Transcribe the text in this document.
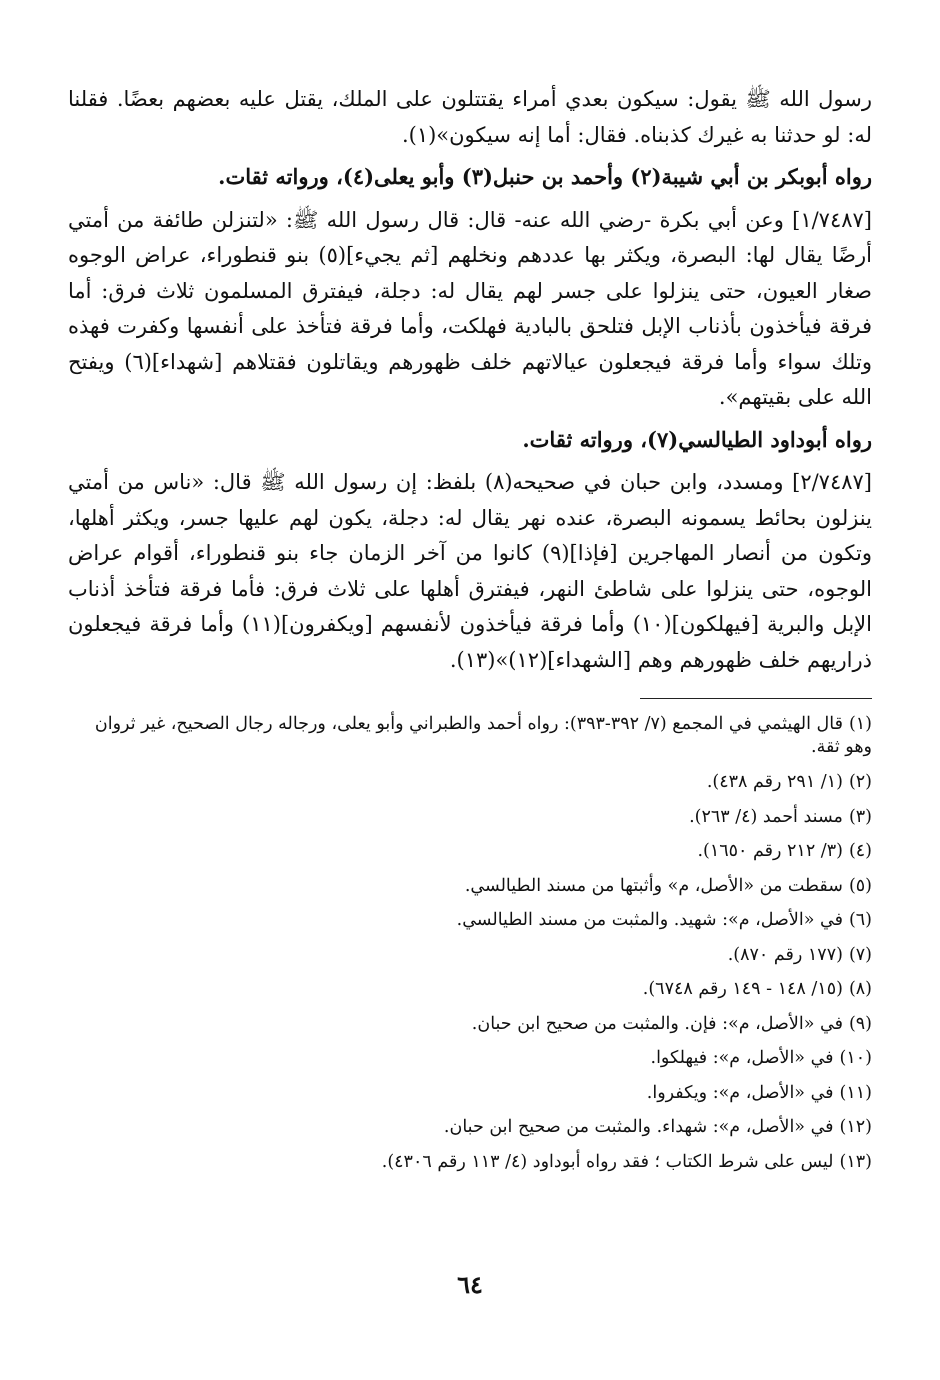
رسول الله ﷺ يقول: سيكون بعدي أمراء يقتتلون على الملك، يقتل عليه بعضهم بعضًا. فقلنا له: لو حدثنا به غيرك كذبناه. فقال: أما إنه سيكون»(١).

رواه أبوبكر بن أبي شيبة(٢) وأحمد بن حنبل(٣) وأبو يعلى(٤)، ورواته ثقات.

[١/٧٤٨٧] وعن أبي بكرة -رضي الله عنه- قال: قال رسول الله ﷺ: «لتنزلن طائفة من أمتي أرضًا يقال لها: البصرة، ويكثر بها عددهم ونخلهم [ثم يجيء](٥) بنو قنطوراء، عراض الوجوه صغار العيون، حتى ينزلوا على جسر لهم يقال له: دجلة، فيفترق المسلمون ثلاث فرق: أما فرقة فيأخذون بأذناب الإبل فتلحق بالبادية فهلكت، وأما فرقة فتأخذ على أنفسها وكفرت فهذه وتلك سواء وأما فرقة فيجعلون عيالاتهم خلف ظهورهم ويقاتلون فقتلاهم [شهداء](٦) ويفتح الله على بقيتهم».

رواه أبوداود الطيالسي(٧)، ورواته ثقات.

[٢/٧٤٨٧] ومسدد، وابن حبان في صحيحه(٨) بلفظ: إن رسول الله ﷺ قال: «ناس من أمتي ينزلون بحائط يسمونه البصرة، عنده نهر يقال له: دجلة، يكون لهم عليها جسر، ويكثر أهلها، وتكون من أنصار المهاجرين [فإذا](٩) كانوا من آخر الزمان جاء بنو قنطوراء، أقوام عراض الوجوه، حتى ينزلوا على شاطئ النهر، فيفترق أهلها على ثلاث فرق: فأما فرقة فتأخذ أذناب الإبل والبرية [فيهلكون](١٠) وأما فرقة فيأخذون لأنفسهم [ويكفرون](١١) وأما فرقة فيجعلون ذراريهم خلف ظهورهم وهم [الشهداء](١٢)»(١٣).

(١)قال الهيثمي في المجمع (٧/ ٣٩٢-٣٩٣): رواه أحمد والطبراني وأبو يعلى، ورجاله رجال الصحيح، غير ثروان وهو ثقة.
(٢)(١/ ٢٩١ رقم ٤٣٨).
(٣)مسند أحمد (٤/ ٢٦٣).
(٤)(٣/ ٢١٢ رقم ١٦٥٠).
(٥)سقطت من «الأصل، م» وأثبتها من مسند الطيالسي.
(٦)في «الأصل، م»: شهيد. والمثبت من مسند الطيالسي.
(٧)(١٧٧ رقم ٨٧٠).
(٨)(١٥/ ١٤٨ - ١٤٩ رقم ٦٧٤٨).
(٩)في «الأصل، م»: فإن. والمثبت من صحيح ابن حبان.
(١٠)في «الأصل، م»: فيهلكوا.
(١١)في «الأصل، م»: ويكفروا.
(١٢)في «الأصل، م»: شهداء. والمثبت من صحيح ابن حبان.
(١٣)ليس على شرط الكتاب ؛ فقد رواه أبوداود (٤/ ١١٣ رقم ٤٣٠٦).
٦٤
